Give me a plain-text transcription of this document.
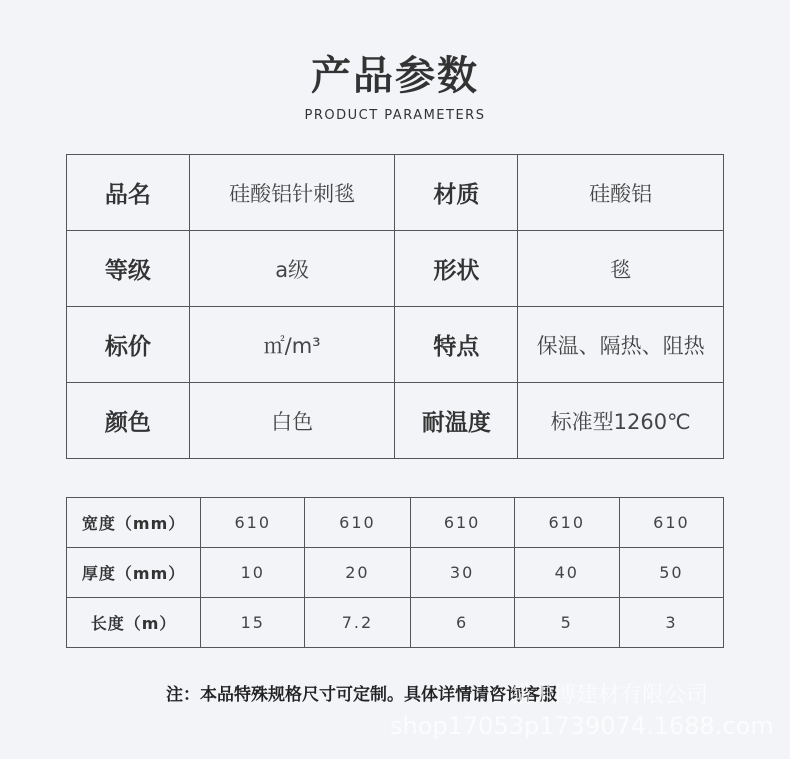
产品参数
PRODUCT PARAMETERS
品名	硅酸铝针刺毯	材质	硅酸铝
等级	a级	形状	毯
标价	㎡/m³	特点	保温、隔热、阻热
颜色	白色	耐温度	标准型1260℃
宽度（mm）	610	610	610	610	610
厚度（mm）	10	20	30	40	50
长度（m）	15	7.2	6	5	3
注：本品特殊规格尺寸可定制。具体详情请咨询客服
猎卡博建材有限公司
shop17053p1739074.1688.com
